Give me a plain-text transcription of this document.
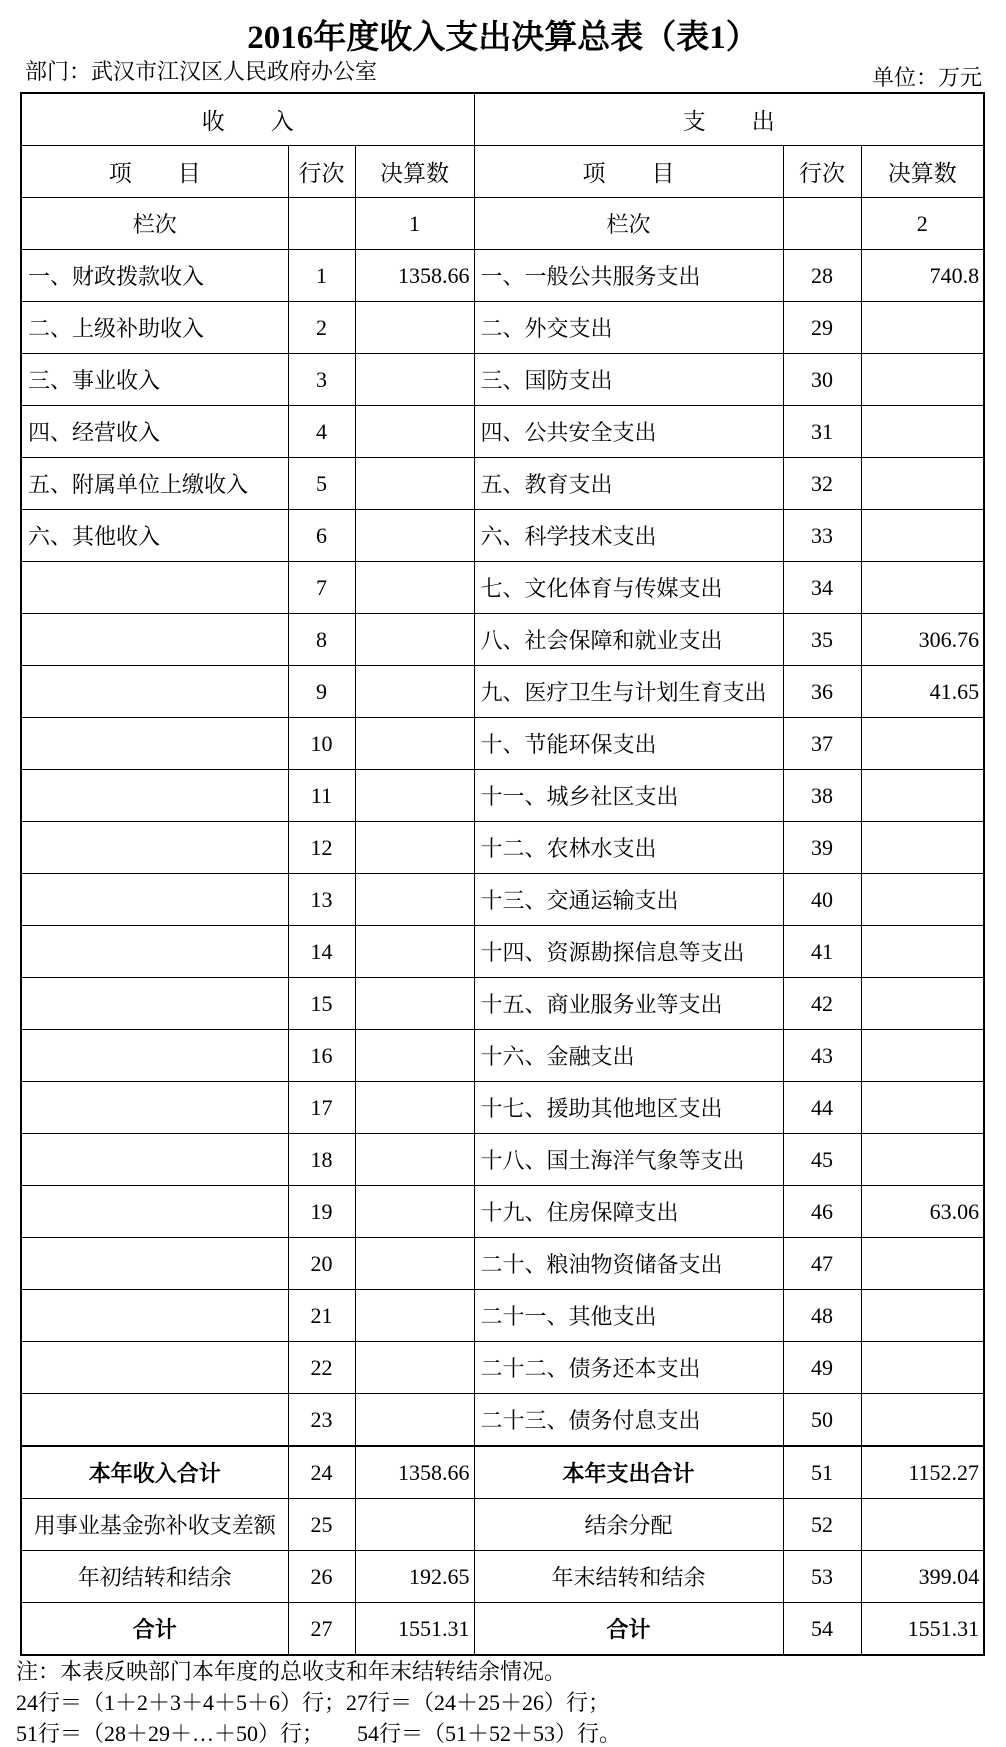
2016年度收入支出决算总表（表1）
部门：武汉市江汉区人民政府办公室	单位：万元
收　　入			支　　出		
项　　目	行次	决算数	项　　目	行次	决算数
栏次		1	栏次		2
一、财政拨款收入	1	1358.66	一、一般公共服务支出	28	740.8
二、上级补助收入	2		二、外交支出	29	
三、事业收入	3		三、国防支出	30	
四、经营收入	4		四、公共安全支出	31	
五、附属单位上缴收入	5		五、教育支出	32	
六、其他收入	6		六、科学技术支出	33	
	7		七、文化体育与传媒支出	34	
	8		八、社会保障和就业支出	35	306.76
	9		九、医疗卫生与计划生育支出	36	41.65
	10		十、节能环保支出	37	
	11		十一、城乡社区支出	38	
	12		十二、农林水支出	39	
	13		十三、交通运输支出	40	
	14		十四、资源勘探信息等支出	41	
	15		十五、商业服务业等支出	42	
	16		十六、金融支出	43	
	17		十七、援助其他地区支出	44	
	18		十八、国土海洋气象等支出	45	
	19		十九、住房保障支出	46	63.06
	20		二十、粮油物资储备支出	47	
	21		二十一、其他支出	48	
	22		二十二、债务还本支出	49	
	23		二十三、债务付息支出	50	
本年收入合计	24	1358.66	本年支出合计	51	1152.27
用事业基金弥补收支差额	25		结余分配	52	
年初结转和结余	26	192.65	年末结转和结余	53	399.04
合计	27	1551.31	合计	54	1551.31
注：本表反映部门本年度的总收支和年末结转结余情况。
24行＝（1＋2＋3＋4＋5＋6）行；27行＝（24＋25＋26）行；
51行＝（28＋29＋…＋50）行；　　54行＝（51＋52＋53）行。
